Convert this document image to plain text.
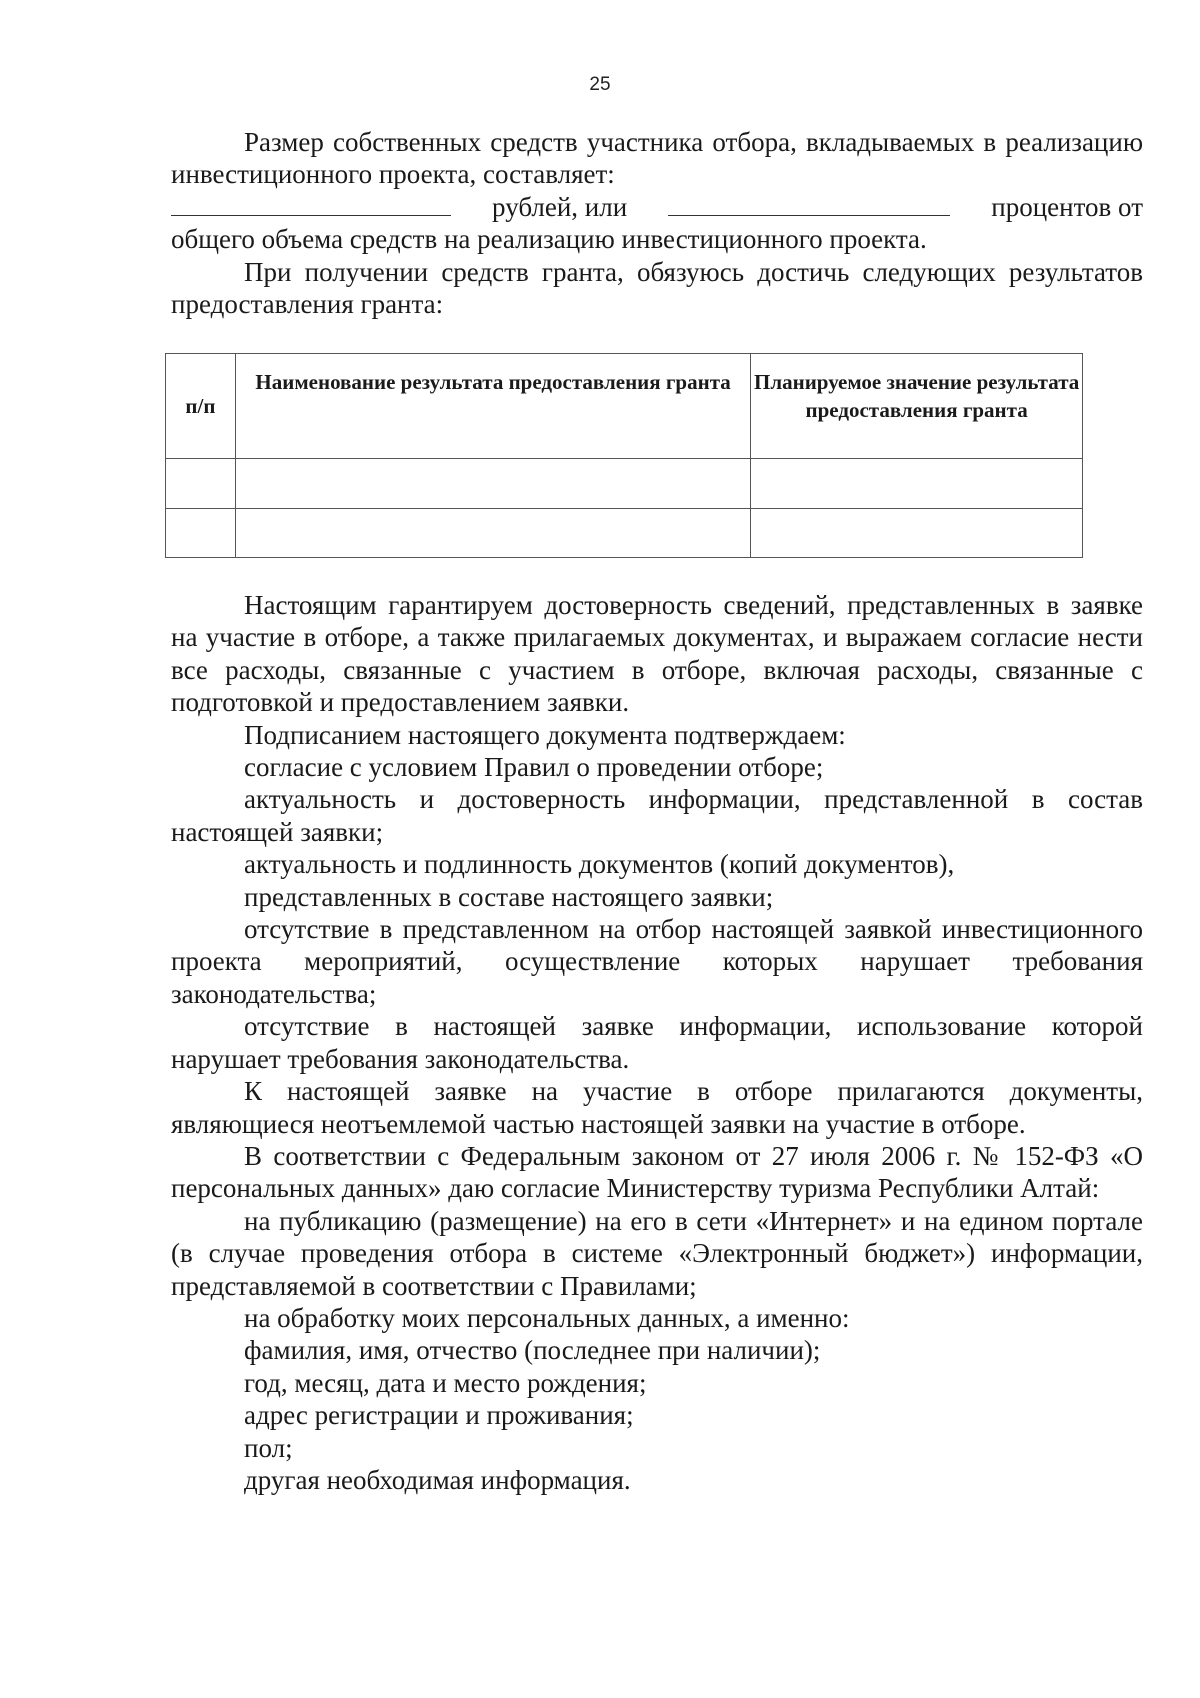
25

Размер собственных средств участника отбора, вкладываемых в реализацию инвестиционного проекта, составляет:

рублей, или	процентов от

общего объема средств на реализацию инвестиционного проекта.

При получении средств гранта, обязуюсь достичь следующих результатов предоставления гранта:

п/п	Наименование результата предоставления гранта	Планируемое значение результата предоставления гранта

Настоящим гарантируем достоверность сведений, представленных в заявке на участие в отборе, а также прилагаемых документах, и выражаем согласие нести все расходы, связанные с участием в отборе, включая расходы, связанные с подготовкой и предоставлением заявки.

Подписанием настоящего документа подтверждаем:

согласие с условием Правил о проведении отборе;

актуальность и достоверность информации, представленной в состав настоящей заявки;

актуальность и подлинность документов (копий документов),

представленных в составе настоящего заявки;

отсутствие в представленном на отбор настоящей заявкой инвестиционного проекта мероприятий, осуществление которых нарушает требования законодательства;

отсутствие в настоящей заявке информации, использование которой нарушает требования законодательства.

К настоящей заявке на участие в отборе прилагаются документы, являющиеся неотъемлемой частью настоящей заявки на участие в отборе.

В соответствии с Федеральным законом от 27 июля 2006 г. № 152-ФЗ «О персональных данных» даю согласие Министерству туризма Республики Алтай:

на публикацию (размещение) на его в сети «Интернет» и на едином портале (в случае проведения отбора в системе «Электронный бюджет») информации, представляемой в соответствии с Правилами;

на обработку моих персональных данных, а именно:

фамилия, имя, отчество (последнее при наличии);

год, месяц, дата и место рождения;

адрес регистрации и проживания;

пол;

другая необходимая информация.
